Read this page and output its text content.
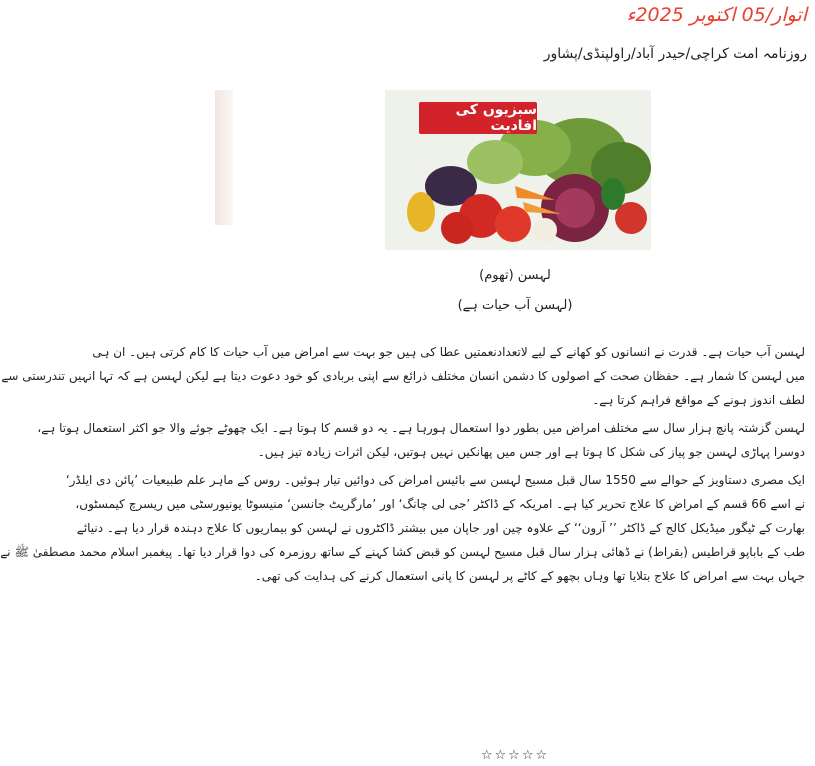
اتوار/05 اکتوبر 2025ء
روزنامہ امت کراچی/حیدر آباد/راولپنڈی/پشاور
سبزیوں کی افادیت
لہسن (تھوم)
(لہسن آب حیات ہے)
لہسن آب حیات ہے۔ قدرت نے انسانوں کو کھانے کے لیے لاتعدادنعمتیں عطا کی ہیں جو بہت سے امراض میں آب حیات کا کام کرتی ہیں۔ ان ہی
میں لہسن کا شمار ہے۔ حفظان صحت کے اصولوں کا دشمن انسان مختلف ذرائع سے اپنی بربادی کو خود دعوت دیتا ہے لیکن لہسن ہے کہ تہا انہیں تندرستی سے
لطف اندوز ہونے کے مواقع فراہم کرتا ہے۔
لہسن گزشتہ پانچ ہزار سال سے مختلف امراض میں بطور دوا استعمال ہورہا ہے۔ یہ دو قسم کا ہوتا ہے۔ ایک چھوٹے جوئے والا جو اکثر استعمال ہوتا ہے،
دوسرا پہاڑی لہسن جو پیاز کی شکل کا ہوتا ہے اور جس میں پھانکیں نہیں ہوتیں، لیکن اثرات زیادہ تیز ہیں۔
ایک مصری دستاویز کے حوالے سے 1550 سال قبل مسیح لہسن سے بائیس امراض کی دوائیں تیار ہوئیں۔ روس کے ماہر علم طبیعیات ’پائن دی ایلڈر‘
نے اسے 66 قسم کے امراض کا علاج تحریر کیا ہے۔ امریکہ کے ڈاکٹر ’جی لی چانگ‘ اور ’مارگریٹ جانسن‘ منیسوٹا یونیورسٹی میں ریسرچ کیمسٹوں،
بھارت کے ٹیگور میڈیکل کالج کے ڈاکٹر ’’ آرون‘‘ کے علاوہ چین اور جاپان میں بیشتر ڈاکٹروں نے لہسن کو بیماریوں کا علاج دہندہ قرار دیا ہے۔ دنیائے
طب کے باباپو قراطیس (بقراط) نے ڈھائی ہزار سال قبل مسیح لہسن کو قبض کشا کہنے کے ساتھ روزمرہ کی دوا قرار دیا تھا۔ پیغمبر اسلام محمد مصطفیٰ ﷺ نے
جہاں بہت سے امراض کا علاج بتلایا تھا وہاں بچھو کے کاٹے پر لہسن کا پانی استعمال کرنے کی ہدایت کی تھی۔
☆☆☆☆☆
